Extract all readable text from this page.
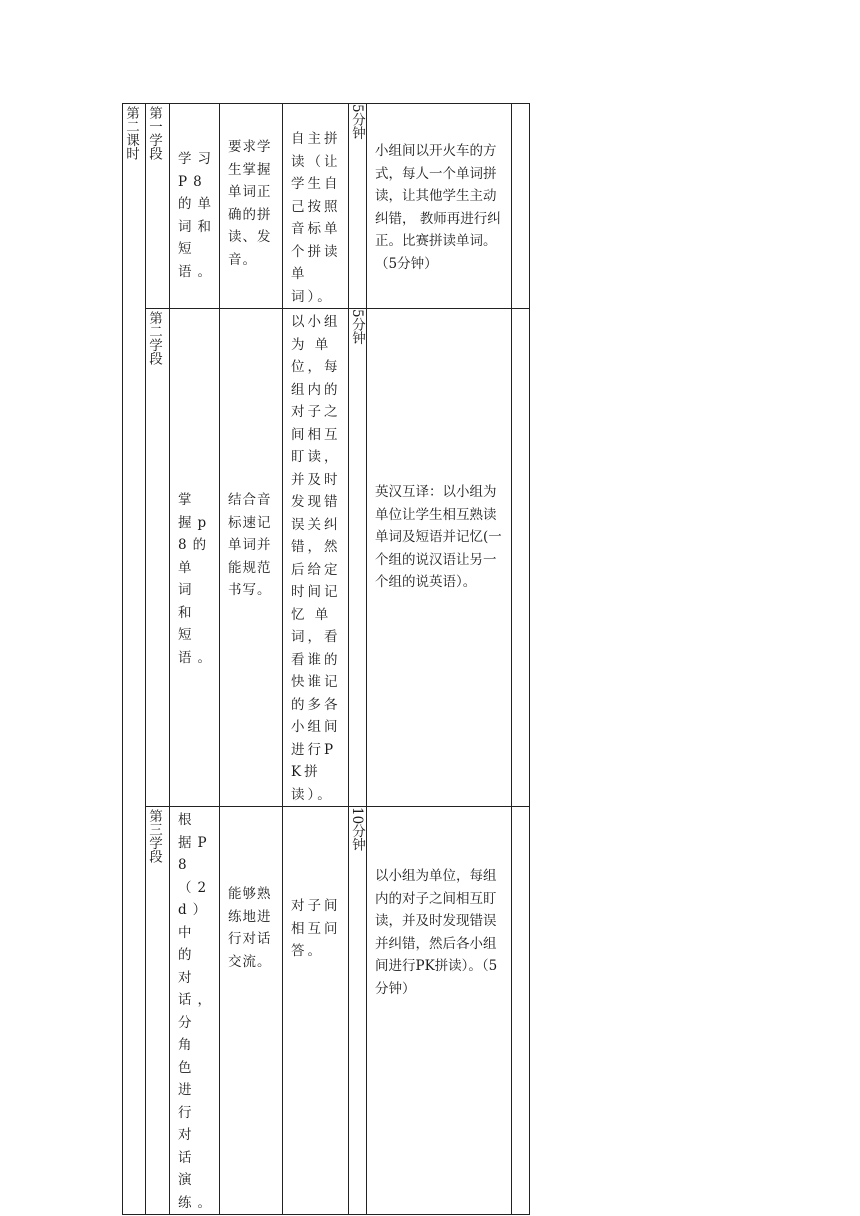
第二课时	第一学段	学习P8的单词和短语。	要求学生掌握单词正确的拼读、发音。	自主拼读（让学生自己按照音标单个拼读单词）。	5分钟	小组间以开火车的方式，每人一个单词拼读，让其他学生主动纠错， 教师再进行纠正。比赛拼读单词。（5分钟）	

	第二学段	掌握p8的单词和短语。	结合音标速记单词并能规范书写。	以小组为 单位，每组内的对子之间相互盯读，并及时发现错误关纠错，然后给定时间记忆 单词，看看谁的快谁记的多各小组间进行PK拼读）。	5分钟	英汉互译：以小组为单位让学生相互熟读单词及短语并记忆(一个组的说汉语让另一个组的说英语）。	

	第三学段	根据P8（2d）中的对话，分角色进行对话演练。	能够熟练地进行对话交流。	对子间相互问答。	10分钟	以小组为单位，每组内的对子之间相互盯读，并及时发现错误并纠错，然后各小组间进行PK拼读）。（5分钟）	
